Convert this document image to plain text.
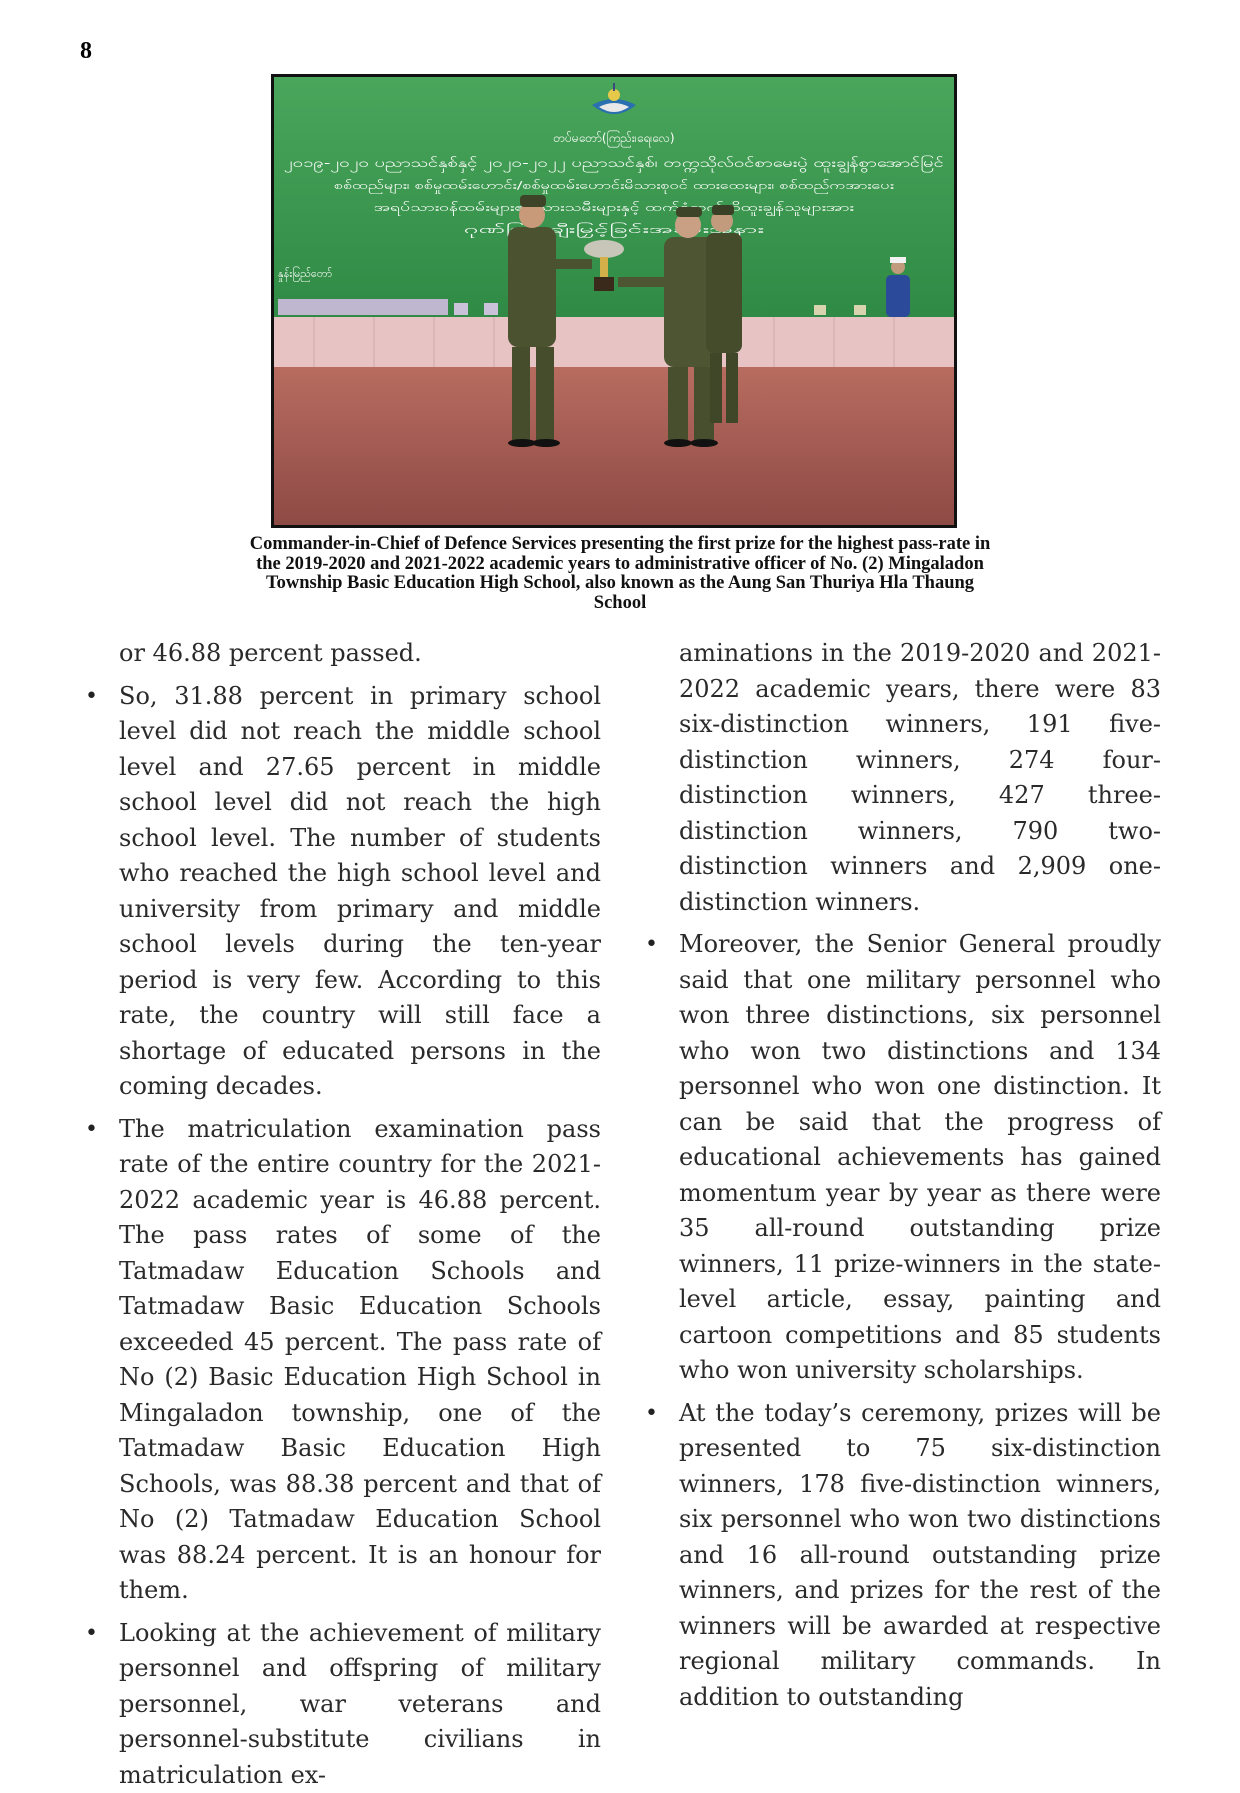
8
တပ်မတော်(ကြည်း၊ရေ၊လေ)
၂၀၁၉-၂၀၂၀ ပညာသင်နှစ်နှင့် ၂၀၂၀-၂၀၂၂ ပညာသင်နှစ်၊ တက္ကသိုလ်ဝင်စာမေးပွဲ ထူးချွန်စွာအောင်မြင်
စစ်ထည်များ၊ စစ်မှုထမ်းဟောင်း/စစ်မှုထမ်းဟောင်းမိသားစုဝင် ထားထေးများ၊ စစ်ထည်ကအားပေး
နှုန်းမြည်တော်
Commander-in-Chief of Defence Services presenting the first prize for the highest pass-rate in
the 2019-2020 and 2021-2022 academic years to administrative officer of No. (2) Mingaladon
Township Basic Education High School, also known as the Aung San Thuriya Hla Thaung
School

or 46.88 percent passed.

• So, 31.88 percent in primary school level did not reach the middle school level and 27.65 percent in middle school level did not reach the high school level. The number of students who reached the high school level and university from primary and middle school levels during the ten-year period is very few. According to this rate, the country will still face a shortage of educated persons in the coming decades.
• The matriculation examination pass rate of the entire country for the 2021-2022 academic year is 46.88 percent. The pass rates of some of the Tatmadaw Education Schools and Tatmadaw Basic Education Schools exceeded 45 percent. The pass rate of No (2) Basic Education High School in Mingaladon township, one of the Tatmadaw Basic Education High Schools, was 88.38 percent and that of No (2) Tatmadaw Education School was 88.24 percent. It is an honour for them.
• Looking at the achievement of military personnel and offspring of military personnel, war veterans and personnel-substitute civilians in matriculation ex-

aminations in the 2019-2020 and 2021-2022 academic years, there were 83 six-distinction winners, 191 five-distinction winners, 274 four-distinction winners, 427 three-distinction winners, 790 two-distinction winners and 2,909 one-distinction winners.

• Moreover, the Senior General proudly said that one military personnel who won three distinctions, six personnel who won two distinctions and 134 personnel who won one distinction. It can be said that the progress of educational achievements has gained momentum year by year as there were 35 all-round outstanding prize winners, 11 prize-winners in the state-level article, essay, painting and cartoon competitions and 85 students who won university scholarships.
• At the today’s ceremony, prizes will be presented to 75 six-distinction winners, 178 five-distinction winners, six personnel who won two distinctions and 16 all-round outstanding prize winners, and prizes for the rest of the winners will be awarded at respective regional military commands. In addition to outstanding
